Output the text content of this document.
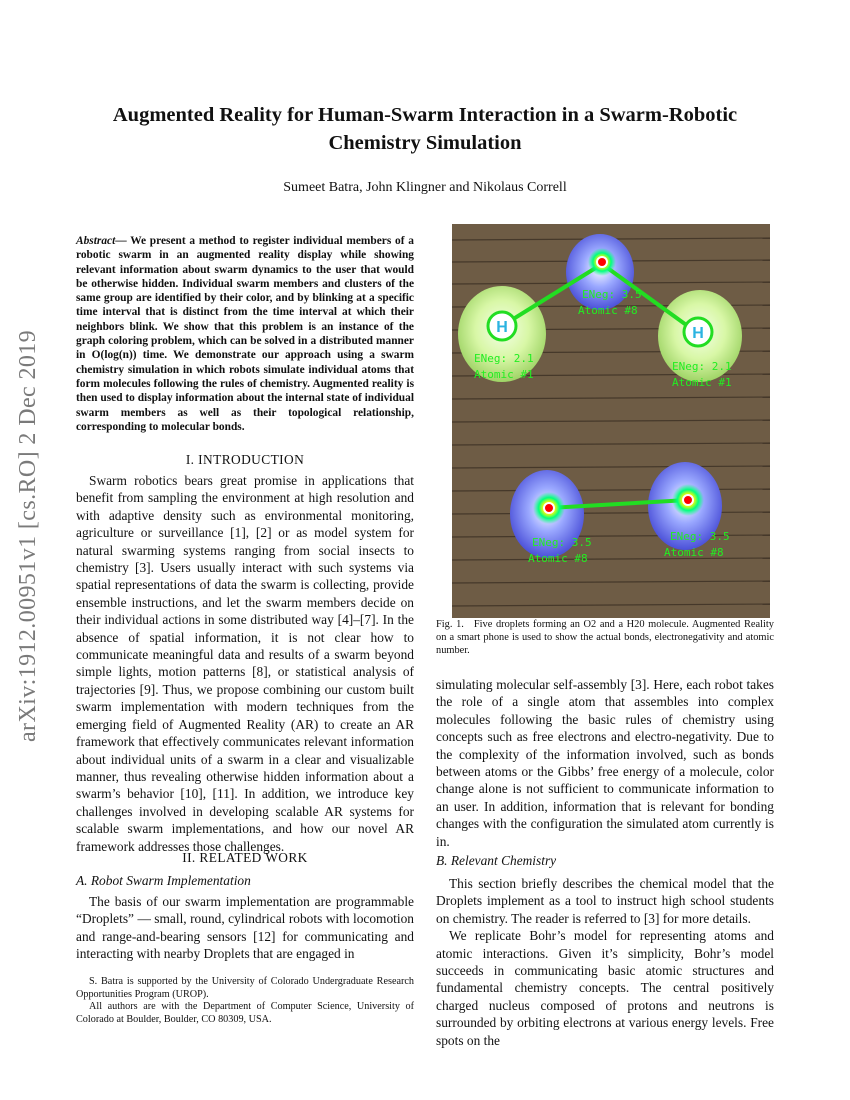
arXiv:1912.00951v1 [cs.RO] 2 Dec 2019
Augmented Reality for Human-Swarm Interaction in a Swarm-Robotic
Chemistry Simulation
Sumeet Batra, John Klingner and Nikolaus Correll
Abstract— We present a method to register individual members of a robotic swarm in an augmented reality display while showing relevant information about swarm dynamics to the user that would be otherwise hidden. Individual swarm members and clusters of the same group are identified by their color, and by blinking at a specific time interval that is distinct from the time interval at which their neighbors blink. We show that this problem is an instance of the graph coloring problem, which can be solved in a distributed manner in O(log(n)) time. We demonstrate our approach using a swarm chemistry simulation in which robots simulate individual atoms that form molecules following the rules of chemistry. Augmented reality is then used to display information about the internal state of individual swarm members as well as their topological relationship, corresponding to molecular bonds.
I. INTRODUCTION

Swarm robotics bears great promise in applications that benefit from sampling the environment at high resolution and with adaptive density such as environmental monitoring, agriculture or surveillance [1], [2] or as model system for natural swarming systems ranging from social insects to chemistry [3]. Users usually interact with such systems via spatial representations of data the swarm is collecting, provide ensemble instructions, and let the swarm members decide on their individual actions in some distributed way [4]–[7]. In the absence of spatial information, it is not clear how to communicate meaningful data and results of a swarm beyond simple lights, motion patterns [8], or statistical analysis of trajectories [9]. Thus, we propose combining our custom built swarm implementation with modern techniques from the emerging field of Augmented Reality (AR) to create an AR framework that effectively communicates relevant information about individual units of a swarm in a clear and visualizable manner, thus revealing otherwise hidden information about a swarm’s behavior [10], [11]. In addition, we introduce key challenges involved in developing scalable AR systems for scalable swarm implementations, and how our novel AR framework addresses those challenges.

II. RELATED WORK
A. Robot Swarm Implementation

The basis of our swarm implementation are programmable “Droplets” — small, round, cylindrical robots with locomotion and range-and-bearing sensors [12] for communicating and interacting with nearby Droplets that are engaged in

S. Batra is supported by the University of Colorado Undergraduate Research Opportunities Program (UROP).

All authors are with the Department of Computer Science, University of Colorado at Boulder, Boulder, CO 80309, USA.

H	H
ENeg: 3.5
Atomic #8
ENeg: 2.1
Atomic #1
ENeg: 2.1
Atomic #1
ENeg: 3.5
Atomic #8
ENeg: 3.5
Atomic #8
Fig. 1. Five droplets forming an O2 and a H20 molecule. Augmented Reality on a smart phone is used to show the actual bonds, electronegativity and atomic number.

simulating molecular self-assembly [3]. Here, each robot takes the role of a single atom that assembles into complex molecules following the basic rules of chemistry using concepts such as free electrons and electro-negativity. Due to the complexity of the information involved, such as bonds between atoms or the Gibbs’ free energy of a molecule, color change alone is not sufficient to communicate information to an user. In addition, information that is relevant for bonding changes with the configuration the simulated atom currently is in.

B. Relevant Chemistry

This section briefly describes the chemical model that the Droplets implement as a tool to instruct high school students on chemistry. The reader is referred to [3] for more details.

We replicate Bohr’s model for representing atoms and atomic interactions. Given it’s simplicity, Bohr’s model succeeds in communicating basic atomic structures and fundamental chemistry concepts. The central positively charged nucleus composed of protons and neutrons is surrounded by orbiting electrons at various energy levels. Free spots on the
